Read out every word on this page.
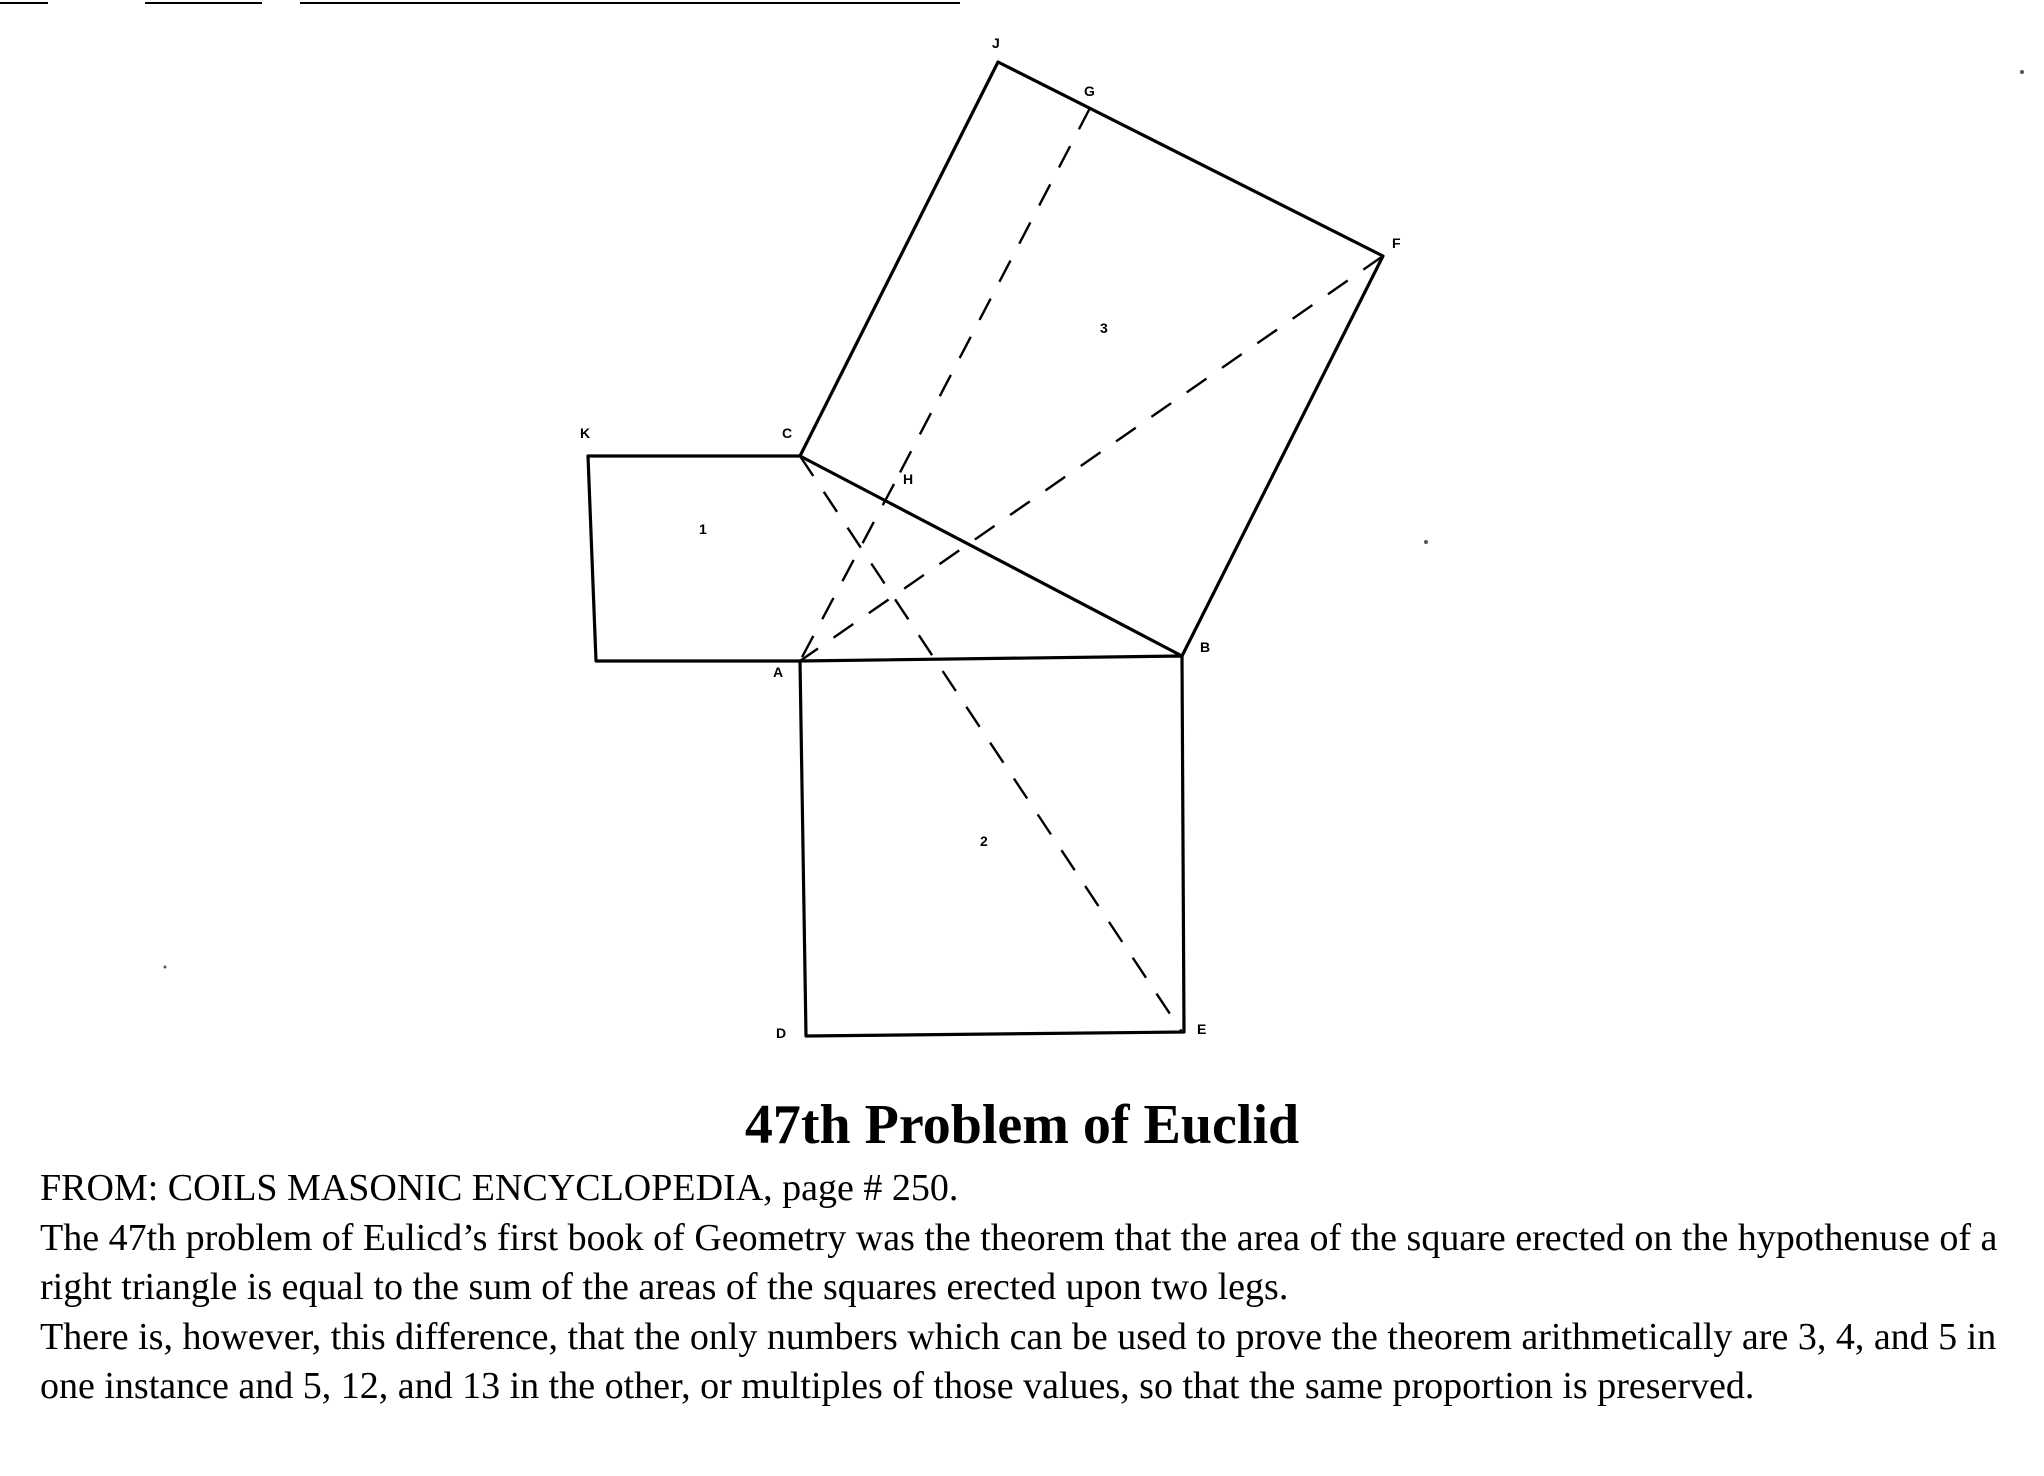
J
G
F
K	C
H
B
A
D	E
1
2
3
47th Problem of Euclid

FROM: COILS MASONIC ENCYCLOPEDIA, page # 250.

The 47th problem of Eulicd’s first book of Geometry was the theorem that the area of the square erected on the hypothenuse of a right triangle is equal to the sum of the areas of the squares erected upon two legs.

There is, however, this difference, that the only numbers which can be used to prove the theorem arithmetically are 3, 4, and 5 in one instance and 5, 12, and 13 in the other, or multiples of those values, so that the same proportion is preserved.
